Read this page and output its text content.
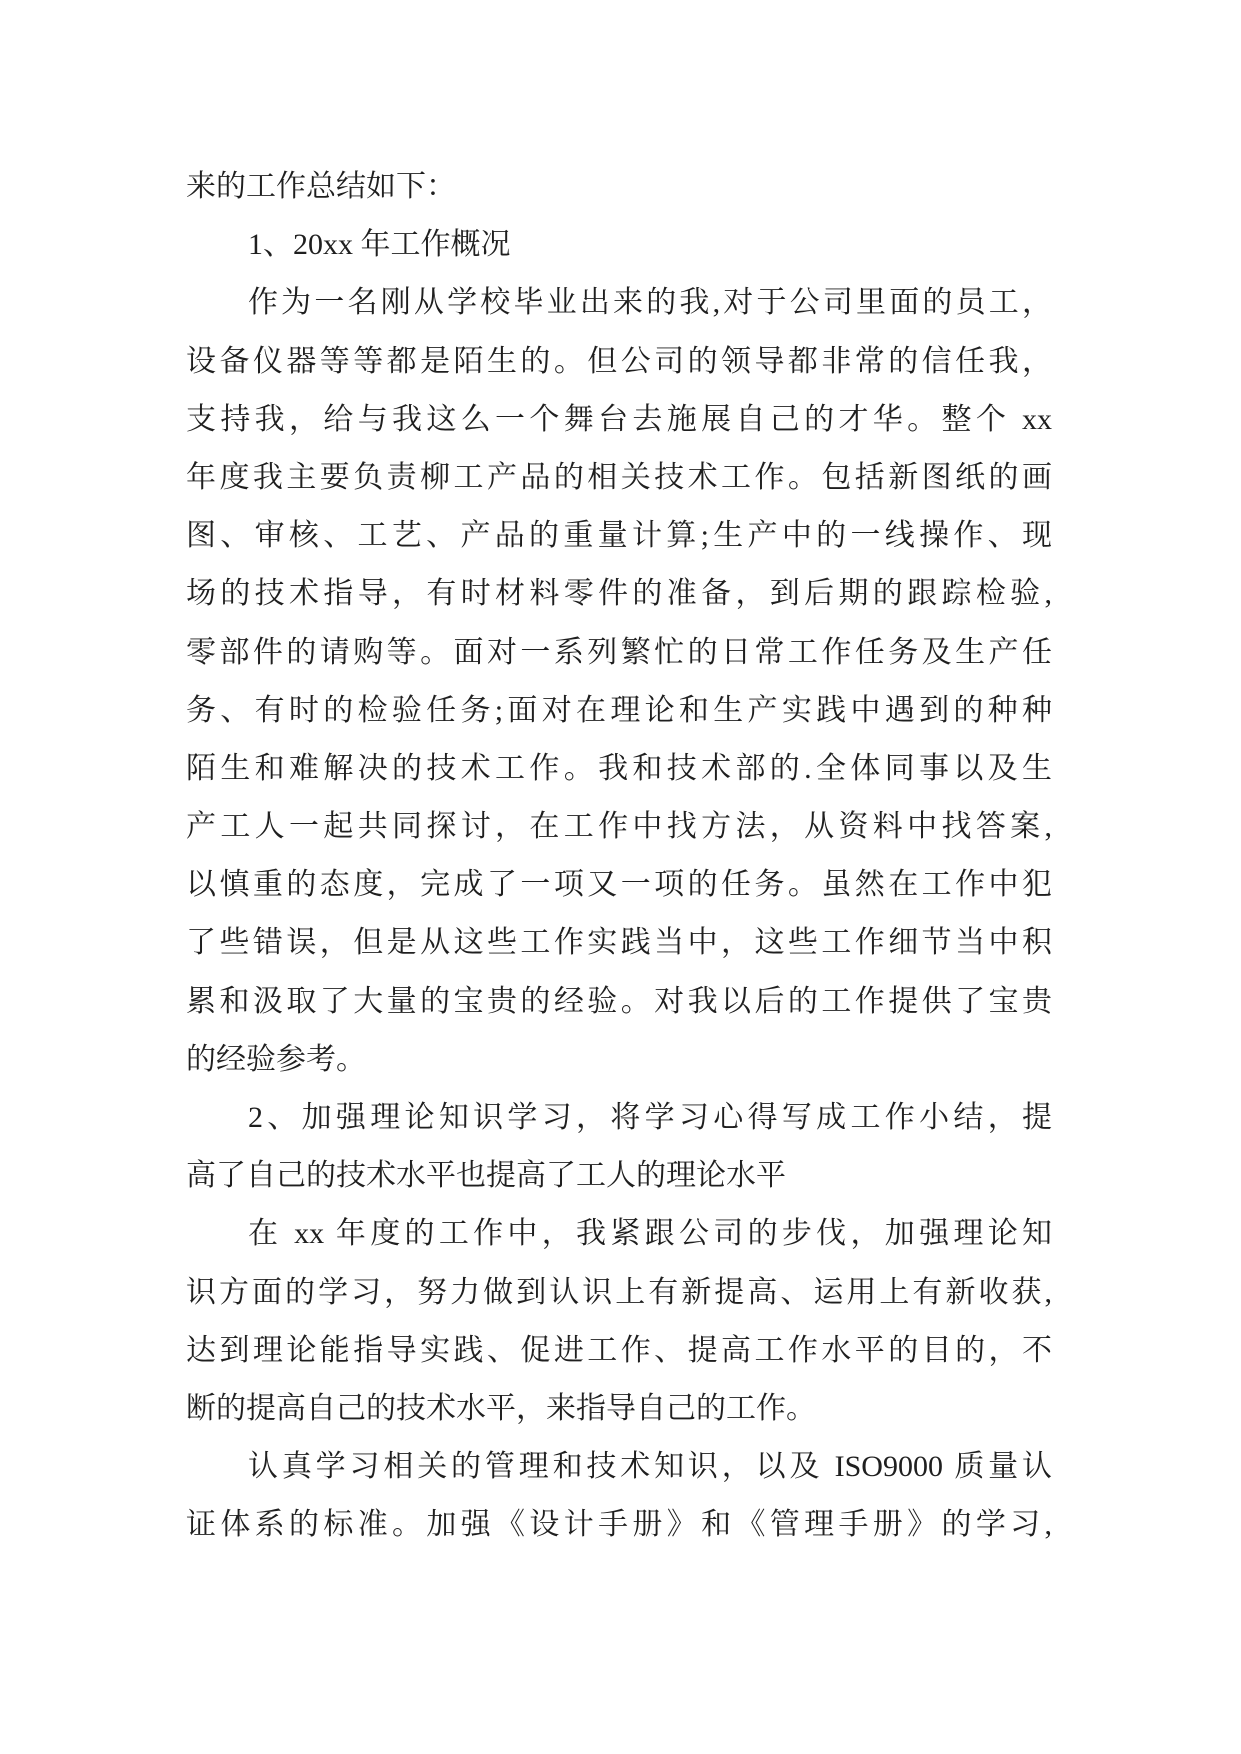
来的工作总结如下：
1、20xx 年工作概况
作为一名刚从学校毕业出来的我,对于公司里面的员工，
设备仪器等等都是陌生的。但公司的领导都非常的信任我，
支持我，给与我这么一个舞台去施展自己的才华。整个 xx
年度我主要负责柳工产品的相关技术工作。包括新图纸的画
图、审核、工艺、产品的重量计算;生产中的一线操作、现
场的技术指导，有时材料零件的准备，到后期的跟踪检验,
零部件的请购等。面对一系列繁忙的日常工作任务及生产任
务、有时的检验任务;面对在理论和生产实践中遇到的种种
陌生和难解决的技术工作。我和技术部的.全体同事以及生
产工人一起共同探讨，在工作中找方法，从资料中找答案,
以慎重的态度，完成了一项又一项的任务。虽然在工作中犯
了些错误，但是从这些工作实践当中，这些工作细节当中积
累和汲取了大量的宝贵的经验。对我以后的工作提供了宝贵
的经验参考。
2、加强理论知识学习，将学习心得写成工作小结，提
高了自己的技术水平也提高了工人的理论水平
在 xx 年度的工作中，我紧跟公司的步伐，加强理论知
识方面的学习，努力做到认识上有新提高、运用上有新收获,
达到理论能指导实践、促进工作、提高工作水平的目的，不
断的提高自己的技术水平，来指导自己的工作。
认真学习相关的管理和技术知识，以及 ISO9000 质量认
证体系的标准。加强《设计手册》和《管理手册》的学习,
